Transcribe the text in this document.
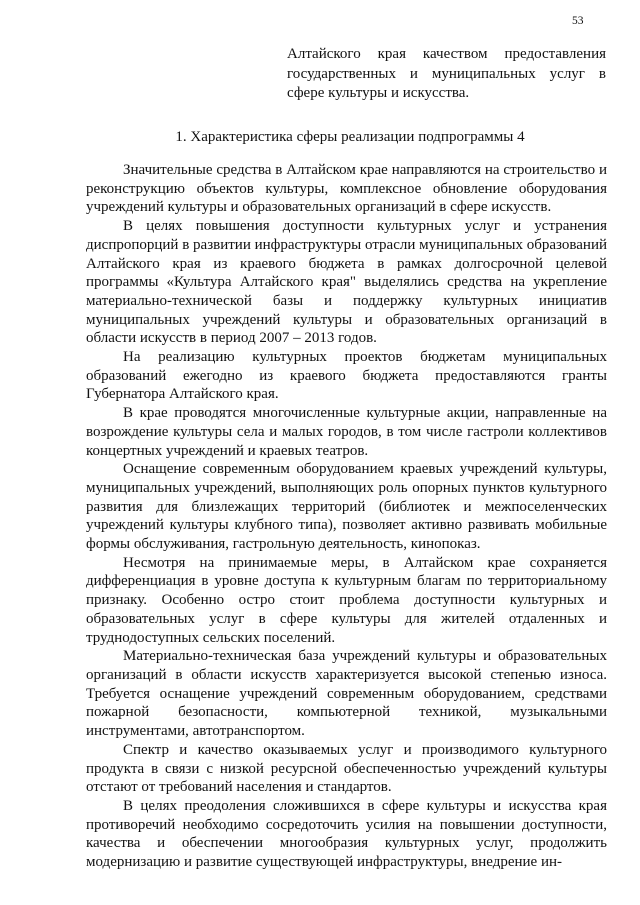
53
Алтайского края качеством предоставления государственных и муниципальных услуг в сфере культуры и искусства.
1. Характеристика сферы реализации подпрограммы 4

Значительные средства в Алтайском крае направляются на строительство и реконструкцию объектов культуры, комплексное обновление оборудования учреждений культуры и образовательных организаций в сфере искусств.

В целях повышения доступности культурных услуг и устранения диспропорций в развитии инфраструктуры отрасли муниципальных образований Алтайского края из краевого бюджета в рамках долгосрочной целевой программы «Культура Алтайского края" выделялись средства на укрепление материально-технической базы и поддержку культурных инициатив муниципальных учреждений культуры и образовательных организаций в области искусств в период 2007 – 2013 годов.

На реализацию культурных проектов бюджетам муниципальных образований ежегодно из краевого бюджета предоставляются гранты Губернатора Алтайского края.

В крае проводятся многочисленные культурные акции, направленные на возрождение культуры села и малых городов, в том числе гастроли коллективов концертных учреждений и краевых театров.

Оснащение современным оборудованием краевых учреждений культуры, муниципальных учреждений, выполняющих роль опорных пунктов культурного развития для близлежащих территорий (библиотек и межпоселенческих учреждений культуры клубного типа), позволяет активно развивать мобильные формы обслуживания, гастрольную деятельность, кинопоказ.

Несмотря на принимаемые меры, в Алтайском крае сохраняется дифференциация в уровне доступа к культурным благам по территориальному признаку. Особенно остро стоит проблема доступности культурных и образовательных услуг в сфере культуры для жителей отдаленных и труднодоступных сельских поселений.

Материально-техническая база учреждений культуры и образовательных организаций в области искусств характеризуется высокой степенью износа. Требуется оснащение учреждений современным оборудованием, средствами пожарной безопасности, компьютерной техникой, музыкальными инструментами, автотранспортом.

Спектр и качество оказываемых услуг и производимого культурного продукта в связи с низкой ресурсной обеспеченностью учреждений культуры отстают от требований населения и стандартов.

В целях преодоления сложившихся в сфере культуры и искусства края противоречий необходимо сосредоточить усилия на повышении доступности, качества и обеспечении многообразия культурных услуг, продолжить модернизацию и развитие существующей инфраструктуры, внедрение ин-
